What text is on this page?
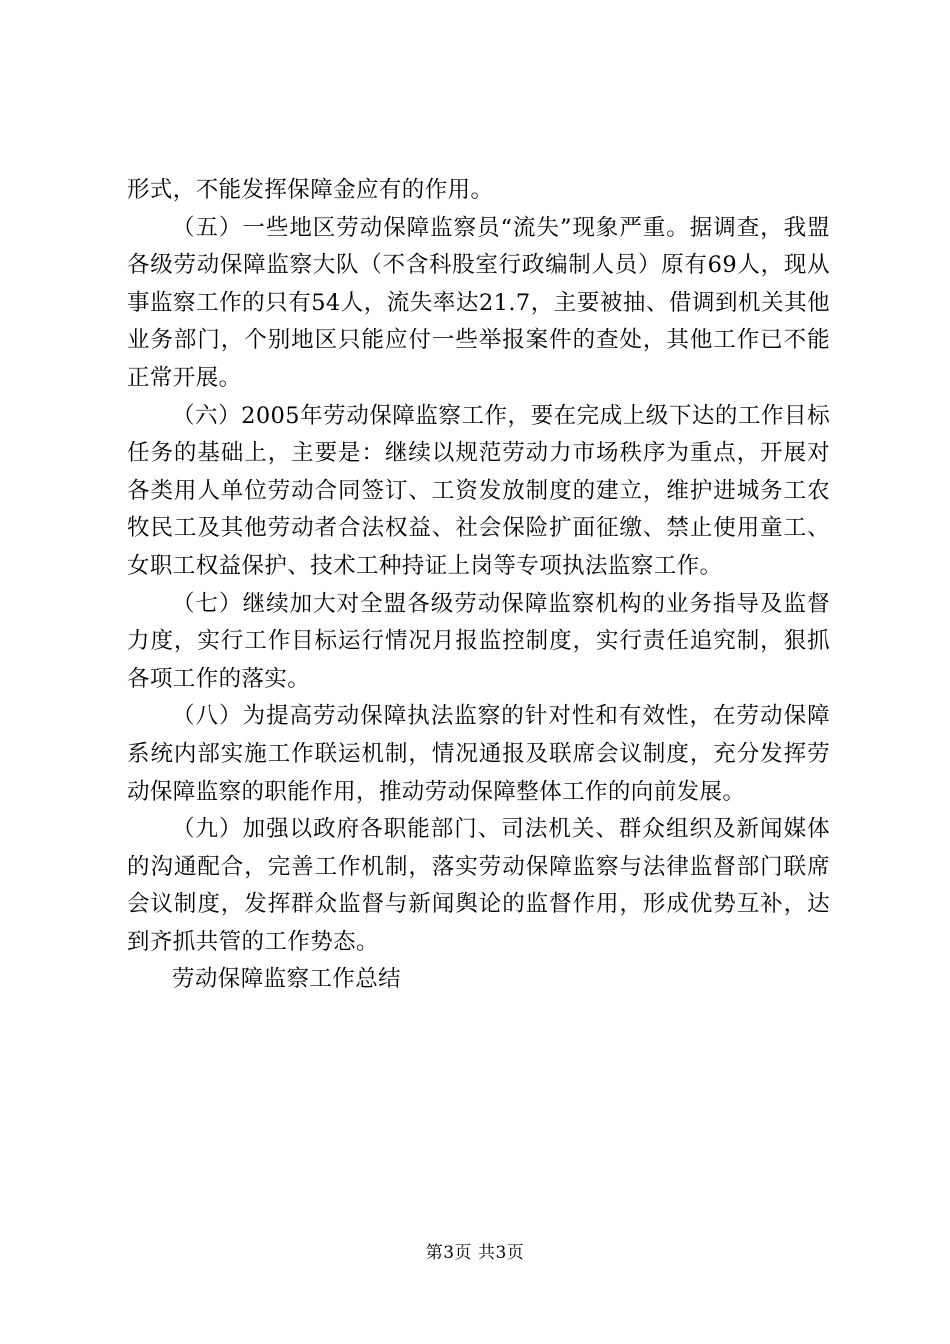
形式，不能发挥保障金应有的作用。

（五）一些地区劳动保障监察员“流失”现象严重。据调查，我盟各级劳动保障监察大队（不含科股室行政编制人员）原有69人，现从事监察工作的只有54人，流失率达21.7，主要被抽、借调到机关其他业务部门，个别地区只能应付一些举报案件的查处，其他工作已不能正常开展。

（六）2005年劳动保障监察工作，要在完成上级下达的工作目标任务的基础上，主要是：继续以规范劳动力市场秩序为重点，开展对各类用人单位劳动合同签订、工资发放制度的建立，维护进城务工农牧民工及其他劳动者合法权益、社会保险扩面征缴、禁止使用童工、女职工权益保护、技术工种持证上岗等专项执法监察工作。

（七）继续加大对全盟各级劳动保障监察机构的业务指导及监督力度，实行工作目标运行情况月报监控制度，实行责任追究制，狠抓各项工作的落实。

（八）为提高劳动保障执法监察的针对性和有效性，在劳动保障系统内部实施工作联运机制，情况通报及联席会议制度，充分发挥劳动保障监察的职能作用，推动劳动保障整体工作的向前发展。

（九）加强以政府各职能部门、司法机关、群众组织及新闻媒体的沟通配合，完善工作机制，落实劳动保障监察与法律监督部门联席会议制度，发挥群众监督与新闻舆论的监督作用，形成优势互补，达到齐抓共管的工作势态。

劳动保障监察工作总结

第3页 共3页
